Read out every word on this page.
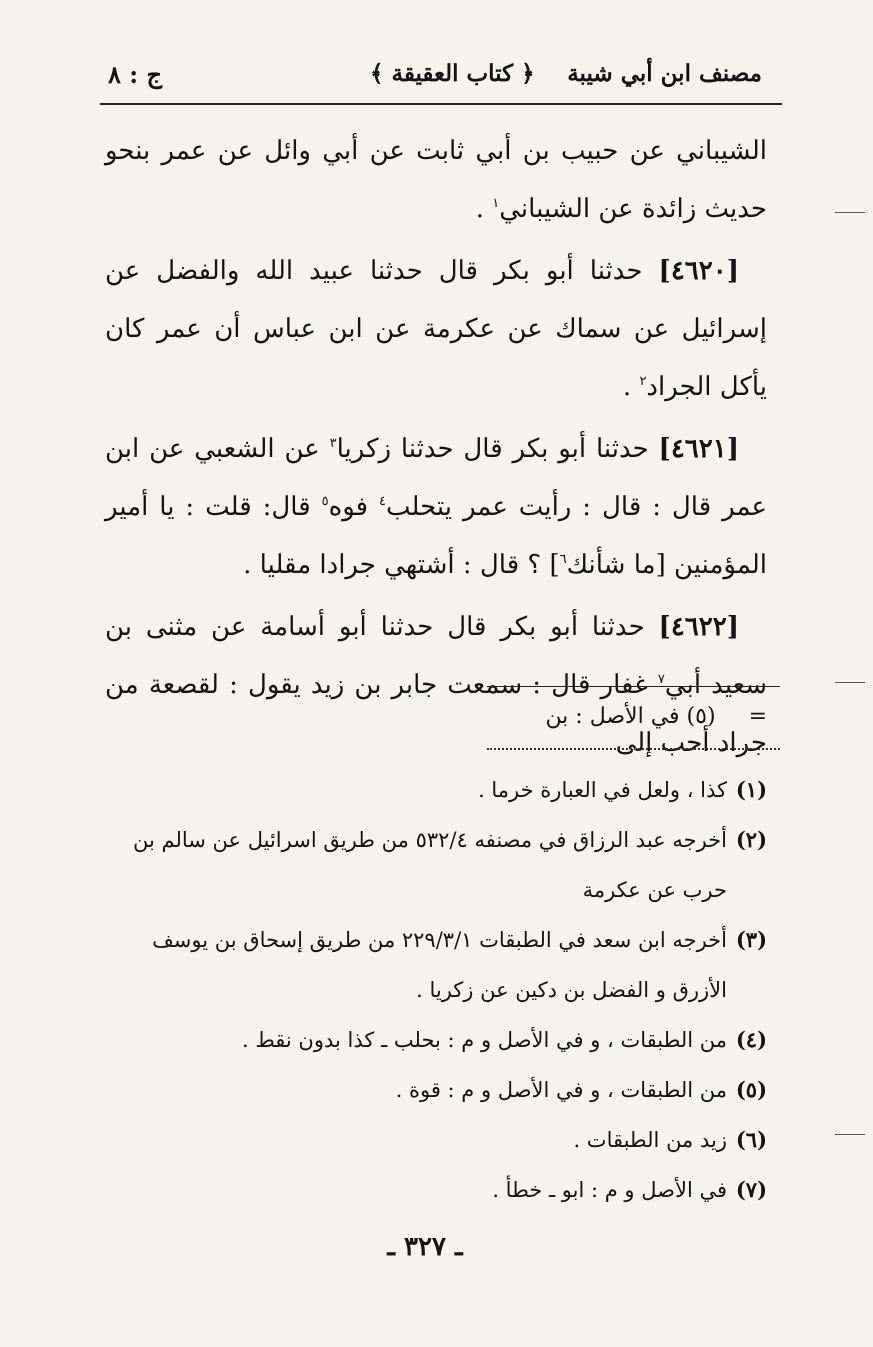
مصنف ابن أبي شيبة
﴿ كتاب العقيقة ﴾
ج : ٨

الشيباني عن حبيب بن أبي ثابت عن أبي وائل عن عمر بنحو حديث زائدة عن الشيباني$^١$ .

[٤٦٢٠] حدثنا أبو بكر قال حدثنا عبيد الله والفضل عن إسرائيل عن سماك عن عكرمة عن ابن عباس أن عمر كان يأكل الجراد$^٢$ .

[٤٦٢١] حدثنا أبو بكر قال حدثنا زكريا$^٣$ عن الشعبي عن ابن عمر قال : قال : رأيت عمر يتحلب$^٤$ فوه$^٥$ قال: قلت : يا أمير المؤمنين [ما شأنك$^٦$] ؟ قال : أشتهي جرادا مقليا .

[٤٦٢٢] حدثنا أبو بكر قال حدثنا أبو أسامة عن مثنى بن سعيد أبي$^٧$ غفار قال : سمعت جابر بن زيد يقول : لقصعة من جراد أحب إلى

= (٥) في الأصل : بن

(١)كذا ، ولعل في العبارة خرما .

(٢)أخرجه عبد الرزاق في مصنفه ٥٣٢/٤ من طريق اسرائيل عن سالم بن حرب عن عكرمة

(٣)أخرجه ابن سعد في الطبقات ٢٢٩/٣/١ من طريق إسحاق بن يوسف الأزرق و الفضل بن دكين عن زكريا .

(٤)من الطبقات ، و في الأصل و م : بحلب ـ كذا بدون نقط .

(٥)من الطبقات ، و في الأصل و م : قوة .

(٦)زيد من الطبقات .

(٧)في الأصل و م : ابو ـ خطأ .

ـ ٣٢٧ ـ
